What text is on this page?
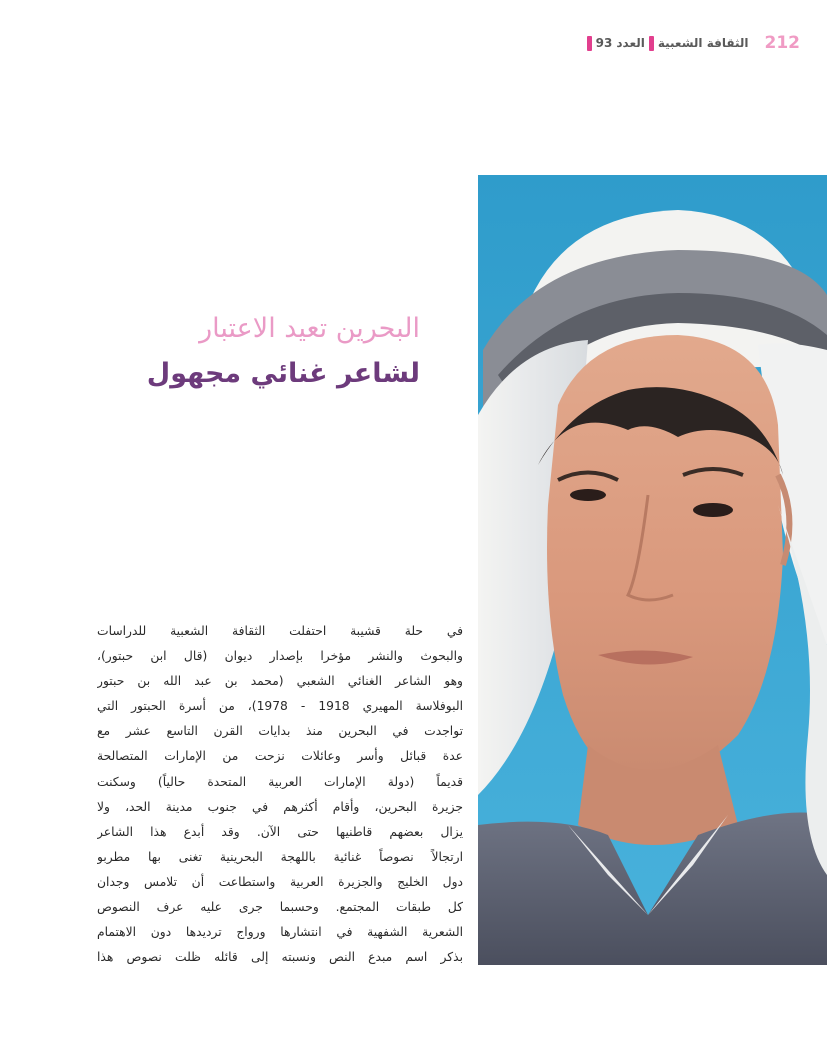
93 العدد الثقافة الشعبية 212
البحرين تعيد الاعتبار
لشاعر غنائي مجهول
في حلة قشيبة احتفلت الثقافة الشعبية للدراسات
والبحوث والنشر مؤخرا بإصدار ديوان (قال ابن حبتور)،
وهو الشاعر الغنائي الشعبي (محمد بن عبد الله بن حبتور
البوفلاسة المهيري 1918 - 1978)، من أسرة الحبتور التي
تواجدت في البحرين منذ بدايات القرن التاسع عشر مع
عدة قبائل وأسر وعائلات نزحت من الإمارات المتصالحة
قديماً (دولة الإمارات العربية المتحدة حالياً) وسكنت
جزيرة البحرين، وأقام أكثرهم في جنوب مدينة الحد، ولا
يزال بعضهم قاطنيها حتى الآن. وقد أبدع هذا الشاعر
ارتجالاً نصوصاً غنائية باللهجة البحرينية تغنى بها مطربو
دول الخليج والجزيرة العربية واستطاعت أن تلامس وجدان
كل طبقات المجتمع. وحسبما جرى عليه عرف النصوص
الشعرية الشفهية في انتشارها ورواج ترديدها دون الاهتمام
بذكر اسم مبدع النص ونسبته إلى قائله ظلت نصوص هذا
